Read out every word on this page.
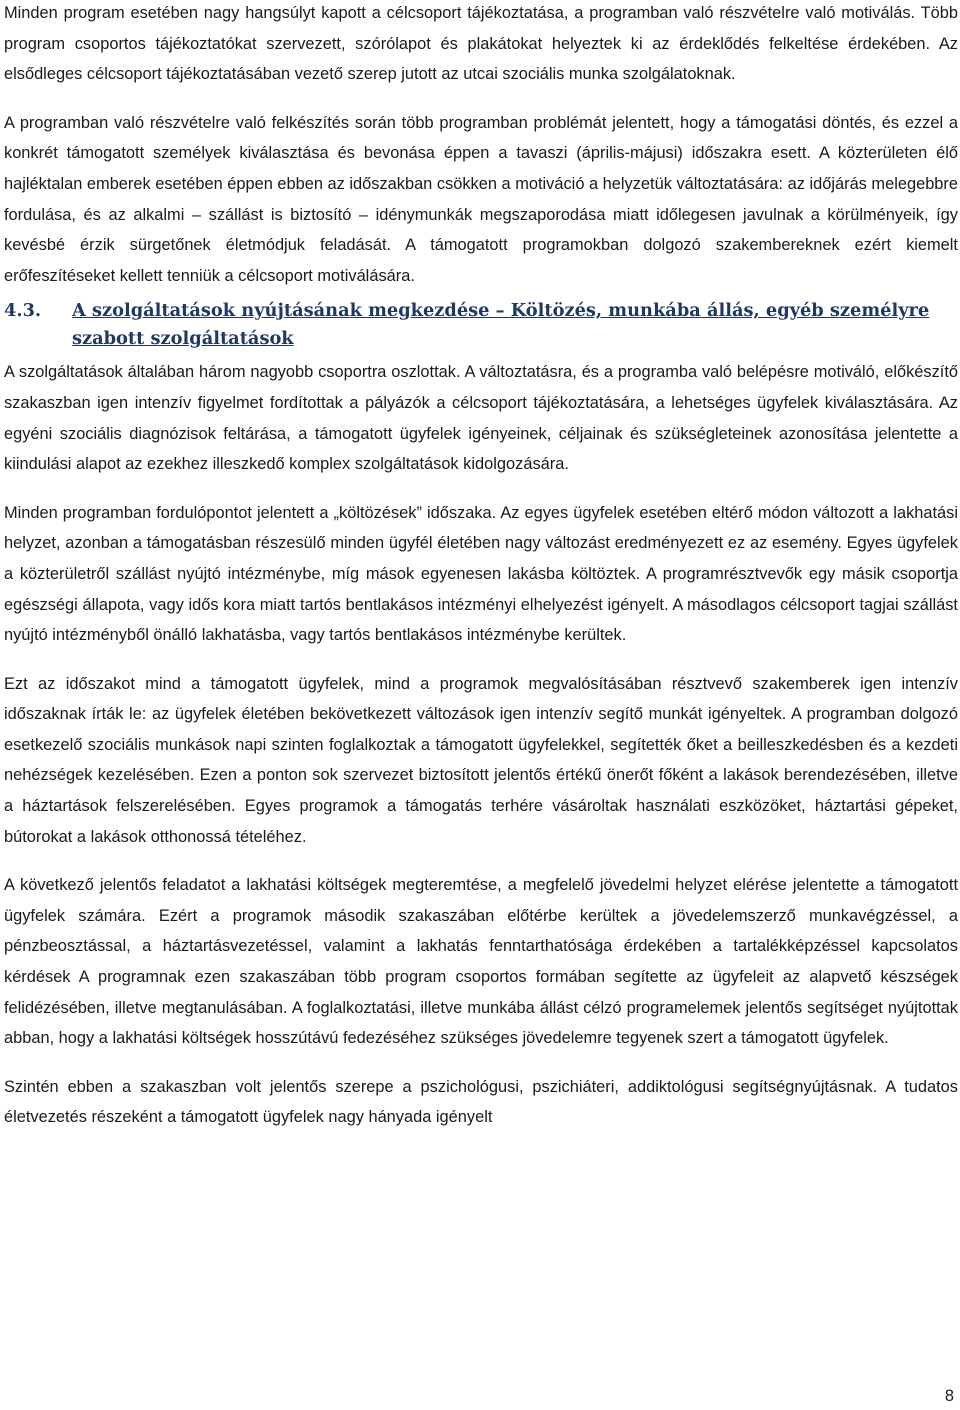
Minden program esetében nagy hangsúlyt kapott a célcsoport tájékoztatása, a programban való részvételre való motiválás. Több program csoportos tájékoztatókat szervezett, szórólapot és plakátokat helyeztek ki az érdeklődés felkeltése érdekében. Az elsődleges célcsoport tájékoztatásában vezető szerep jutott az utcai szociális munka szolgálatoknak.

A programban való részvételre való felkészítés során több programban problémát jelentett, hogy a támogatási döntés, és ezzel a konkrét támogatott személyek kiválasztása és bevonása éppen a tavaszi (április-májusi) időszakra esett. A közterületen élő hajléktalan emberek esetében éppen ebben az időszakban csökken a motiváció a helyzetük változtatására: az időjárás melegebbre fordulása, és az alkalmi – szállást is biztosító – idénymunkák megszaporodása miatt időlegesen javulnak a körülményeik, így kevésbé érzik sürgetőnek életmódjuk feladását. A támogatott programokban dolgozó szakembereknek ezért kiemelt erőfeszítéseket kellett tenniük a célcsoport motiválására.

4.3.	A szolgáltatások nyújtásának megkezdése – Költözés, munkába állás, egyéb személyre szabott szolgáltatások

A szolgáltatások általában három nagyobb csoportra oszlottak. A változtatásra, és a programba való belépésre motiváló, előkészítő szakaszban igen intenzív figyelmet fordítottak a pályázók a célcsoport tájékoztatására, a lehetséges ügyfelek kiválasztására. Az egyéni szociális diagnózisok feltárása, a támogatott ügyfelek igényeinek, céljainak és szükségleteinek azonosítása jelentette a kiindulási alapot az ezekhez illeszkedő komplex szolgáltatások kidolgozására.

Minden programban fordulópontot jelentett a „költözések” időszaka. Az egyes ügyfelek esetében eltérő módon változott a lakhatási helyzet, azonban a támogatásban részesülő minden ügyfél életében nagy változást eredményezett ez az esemény. Egyes ügyfelek a közterületről szállást nyújtó intézménybe, míg mások egyenesen lakásba költöztek. A programrésztvevők egy másik csoportja egészségi állapota, vagy idős kora miatt tartós bentlakásos intézményi elhelyezést igényelt. A másodlagos célcsoport tagjai szállást nyújtó intézményből önálló lakhatásba, vagy tartós bentlakásos intézménybe kerültek.

Ezt az időszakot mind a támogatott ügyfelek, mind a programok megvalósításában résztvevő szakemberek igen intenzív időszaknak írták le: az ügyfelek életében bekövetkezett változások igen intenzív segítő munkát igényeltek. A programban dolgozó esetkezelő szociális munkások napi szinten foglalkoztak a támogatott ügyfelekkel, segítették őket a beilleszkedésben és a kezdeti nehézségek kezelésében. Ezen a ponton sok szervezet biztosított jelentős értékű önerőt főként a lakások berendezésében, illetve a háztartások felszerelésében. Egyes programok a támogatás terhére vásároltak használati eszközöket, háztartási gépeket, bútorokat a lakások otthonossá tételéhez.

A következő jelentős feladatot a lakhatási költségek megteremtése, a megfelelő jövedelmi helyzet elérése jelentette a támogatott ügyfelek számára. Ezért a programok második szakaszában előtérbe kerültek a jövedelemszerző munkavégzéssel, a pénzbeosztással, a háztartásvezetéssel, valamint a lakhatás fenntarthatósága érdekében a tartalékképzéssel kapcsolatos kérdések A programnak ezen szakaszában több program csoportos formában segítette az ügyfeleit az alapvető készségek felidézésében, illetve megtanulásában. A foglalkoztatási, illetve munkába állást célzó programelemek jelentős segítséget nyújtottak abban, hogy a lakhatási költségek hosszútávú fedezéséhez szükséges jövedelemre tegyenek szert a támogatott ügyfelek.

Szintén ebben a szakaszban volt jelentős szerepe a pszichológusi, pszichiáteri, addiktológusi segítségnyújtásnak. A tudatos életvezetés részeként a támogatott ügyfelek nagy hányada igényelt

8
